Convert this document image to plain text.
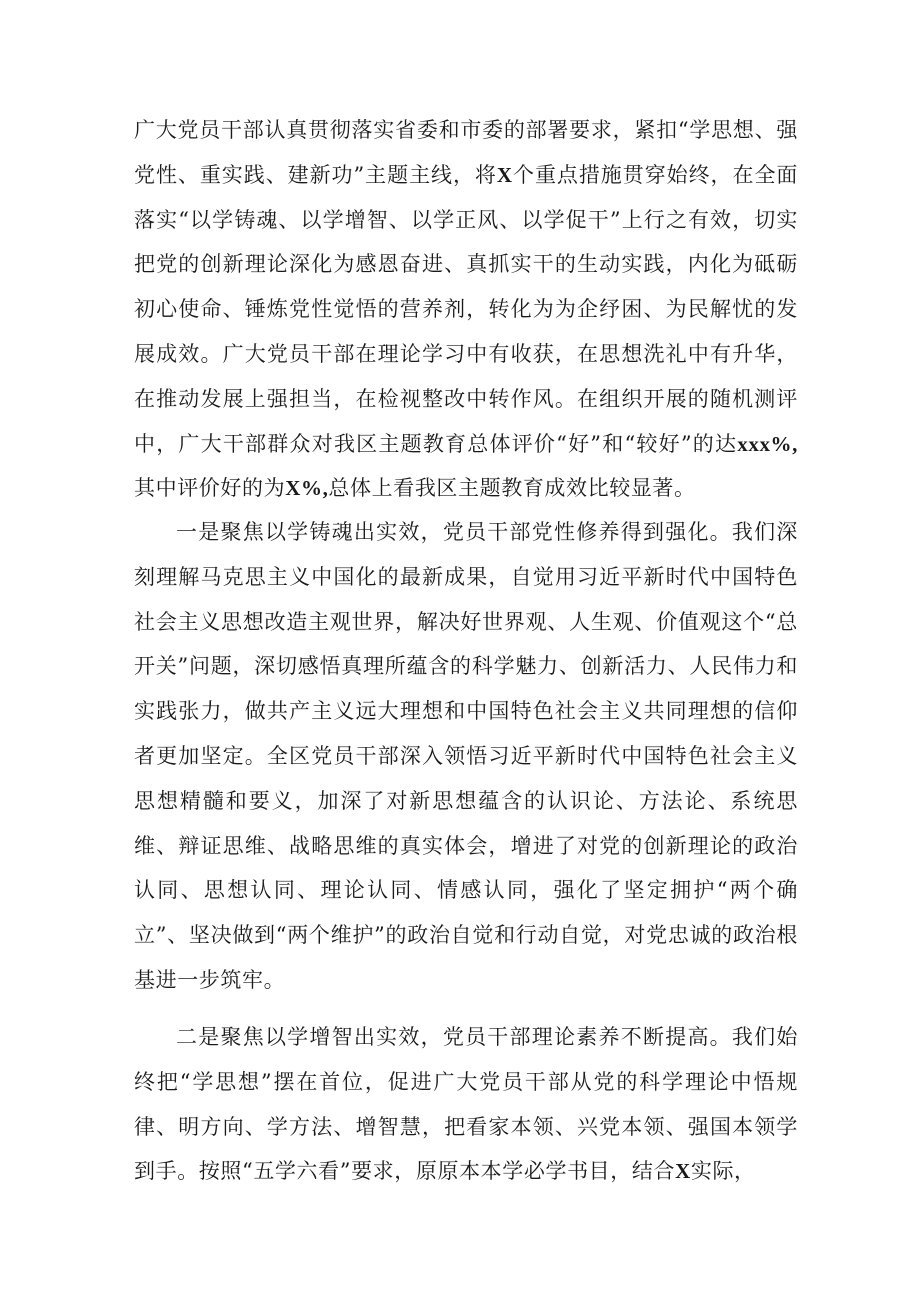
广大党员干部认真贯彻落实省委和市委的部署要求，紧扣“学思想、强党性、重实践、建新功”主题主线，将X个重点措施贯穿始终，在全面落实“以学铸魂、以学增智、以学正风、以学促干”上行之有效，切实把党的创新理论深化为感恩奋进、真抓实干的生动实践，内化为砥砺初心使命、锤炼党性觉悟的营养剂，转化为为企纾困、为民解忧的发展成效。广大党员干部在理论学习中有收获，在思想洗礼中有升华，在推动发展上强担当，在检视整改中转作风。在组织开展的随机测评中，广大干部群众对我区主题教育总体评价“好”和“较好”的达xxx%,其中评价好的为X%,总体上看我区主题教育成效比较显著。

一是聚焦以学铸魂出实效，党员干部党性修养得到强化。我们深刻理解马克思主义中国化的最新成果，自觉用习近平新时代中国特色社会主义思想改造主观世界，解决好世界观、人生观、价值观这个“总开关”问题，深切感悟真理所蕴含的科学魅力、创新活力、人民伟力和实践张力，做共产主义远大理想和中国特色社会主义共同理想的信仰者更加坚定。全区党员干部深入领悟习近平新时代中国特色社会主义思想精髓和要义，加深了对新思想蕴含的认识论、方法论、系统思维、辩证思维、战略思维的真实体会，增进了对党的创新理论的政治认同、思想认同、理论认同、情感认同，强化了坚定拥护“两个确立”、坚决做到“两个维护”的政治自觉和行动自觉，对党忠诚的政治根基进一步筑牢。

二是聚焦以学增智出实效，党员干部理论素养不断提高。我们始终把“学思想”摆在首位，促进广大党员干部从党的科学理论中悟规律、明方向、学方法、增智慧，把看家本领、兴党本领、强国本领学到手。按照“五学六看”要求，原原本本学必学书目，结合X实际，
